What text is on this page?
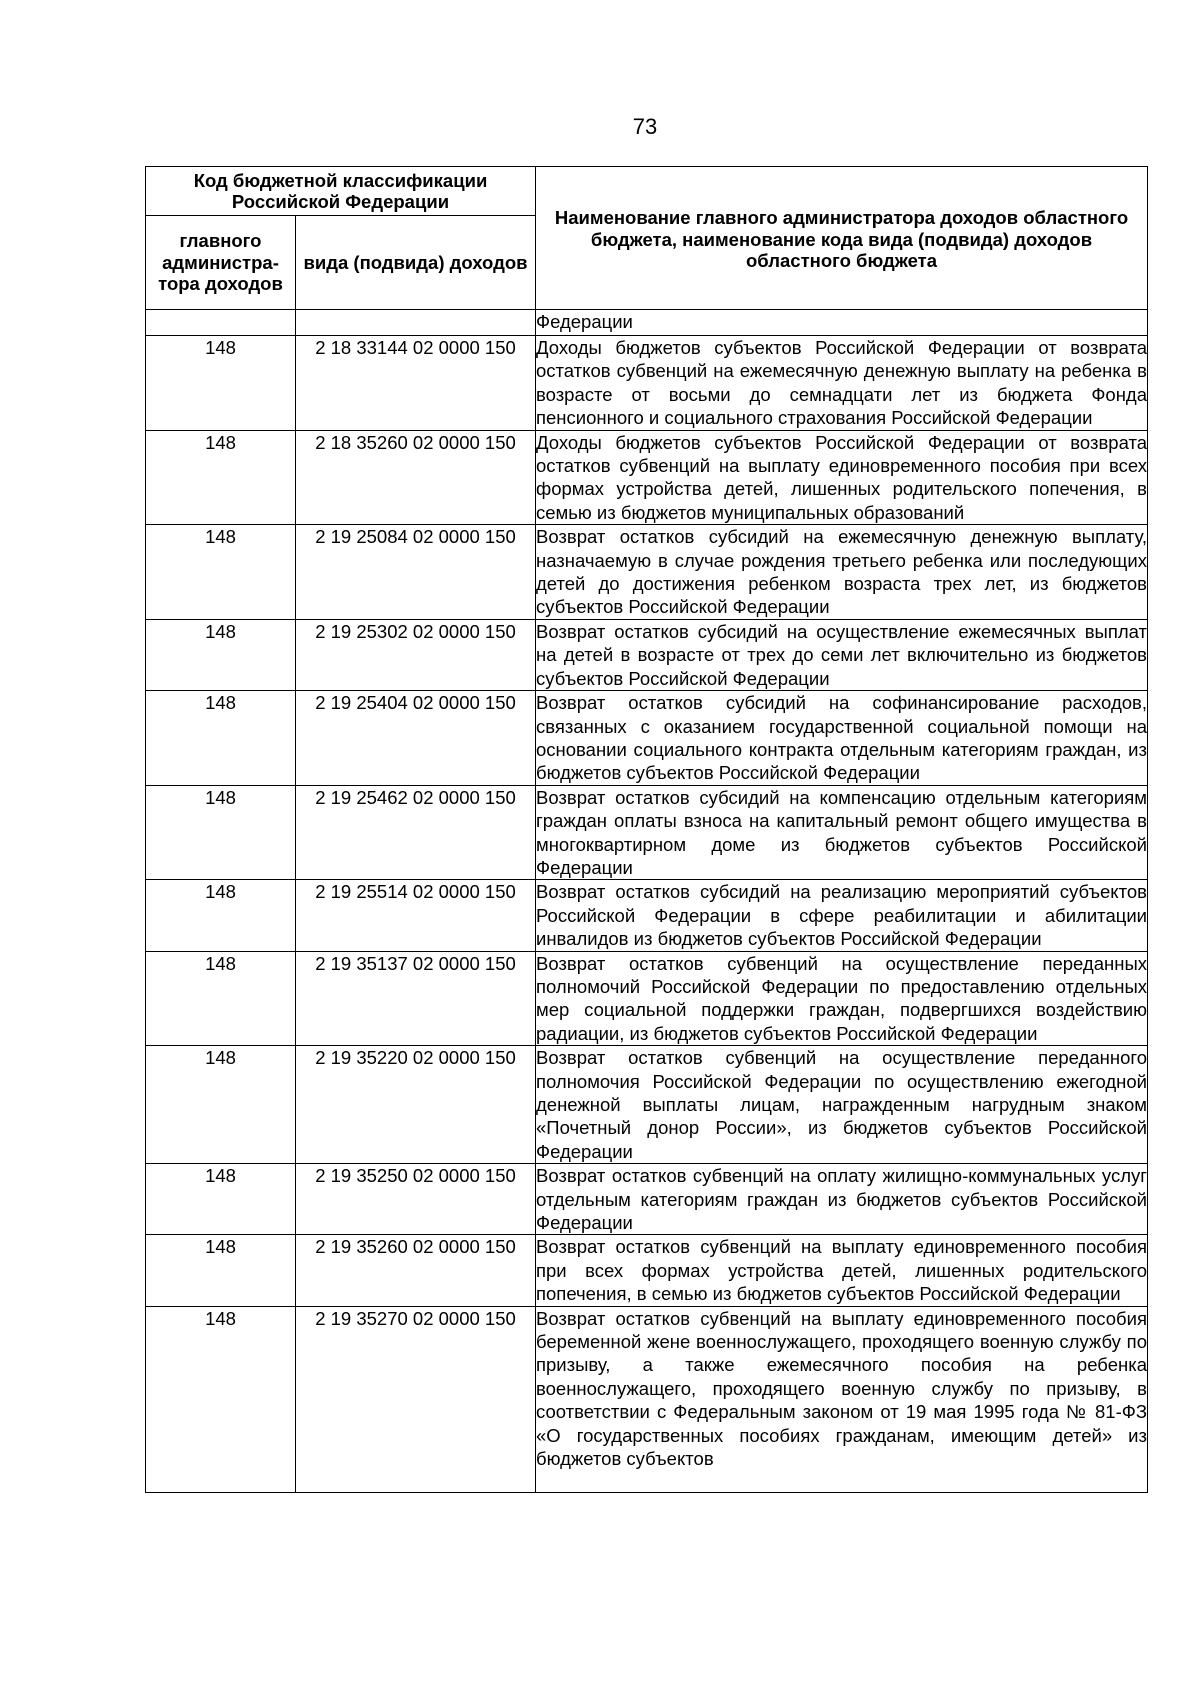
73
Код бюджетной классификации Российской Федерации		Наименование главного администратора доходов областного бюджета, наименование кода вида (подвида) доходов областного бюджета
главного администра-тора доходов	вида (подвида) доходов	
		Федерации
148	2 18 33144 02 0000 150	Доходы бюджетов субъектов Российской Федерации от возврата остатков субвенций на ежемесячную денежную выплату на ребенка в возрасте от восьми до семнадцати лет из бюджета Фонда пенсионного и социального страхования Российской Федерации
148	2 18 35260 02 0000 150	Доходы бюджетов субъектов Российской Федерации от возврата остатков субвенций на выплату единовременного пособия при всех формах устройства детей, лишенных родительского попечения, в семью из бюджетов муниципальных образований
148	2 19 25084 02 0000 150	Возврат остатков субсидий на ежемесячную денежную выплату, назначаемую в случае рождения третьего ребенка или последующих детей до достижения ребенком возраста трех лет, из бюджетов субъектов Российской Федерации
148	2 19 25302 02 0000 150	Возврат остатков субсидий на осуществление ежемесячных выплат на детей в возрасте от трех до семи лет включительно из бюджетов субъектов Российской Федерации
148	2 19 25404 02 0000 150	Возврат остатков субсидий на софинансирование расходов, связанных с оказанием государственной социальной помощи на основании социального контракта отдельным категориям граждан, из бюджетов субъектов Российской Федерации
148	2 19 25462 02 0000 150	Возврат остатков субсидий на компенсацию отдельным категориям граждан оплаты взноса на капитальный ремонт общего имущества в многоквартирном доме из бюджетов субъектов Российской Федерации
148	2 19 25514 02 0000 150	Возврат остатков субсидий на реализацию мероприятий субъектов Российской Федерации в сфере реабилитации и абилитации инвалидов из бюджетов субъектов Российской Федерации
148	2 19 35137 02 0000 150	Возврат остатков субвенций на осуществление переданных полномочий Российской Федерации по предоставлению отдельных мер социальной поддержки граждан, подвергшихся воздействию радиации, из бюджетов субъектов Российской Федерации
148	2 19 35220 02 0000 150	Возврат остатков субвенций на осуществление переданного полномочия Российской Федерации по осуществлению ежегодной денежной выплаты лицам, награжденным нагрудным знаком «Почетный донор России», из бюджетов субъектов Российской Федерации
148	2 19 35250 02 0000 150	Возврат остатков субвенций на оплату жилищно-коммунальных услуг отдельным категориям граждан из бюджетов субъектов Российской Федерации
148	2 19 35260 02 0000 150	Возврат остатков субвенций на выплату единовременного пособия при всех формах устройства детей, лишенных родительского попечения, в семью из бюджетов субъектов Российской Федерации
148	2 19 35270 02 0000 150	Возврат остатков субвенций на выплату единовременного пособия беременной жене военнослужащего, проходящего военную службу по призыву, а также ежемесячного пособия на ребенка военнослужащего, проходящего военную службу по призыву, в соответствии с Федеральным законом от 19 мая 1995 года № 81-ФЗ «О государственных пособиях гражданам, имеющим детей» из бюджетов субъектов
